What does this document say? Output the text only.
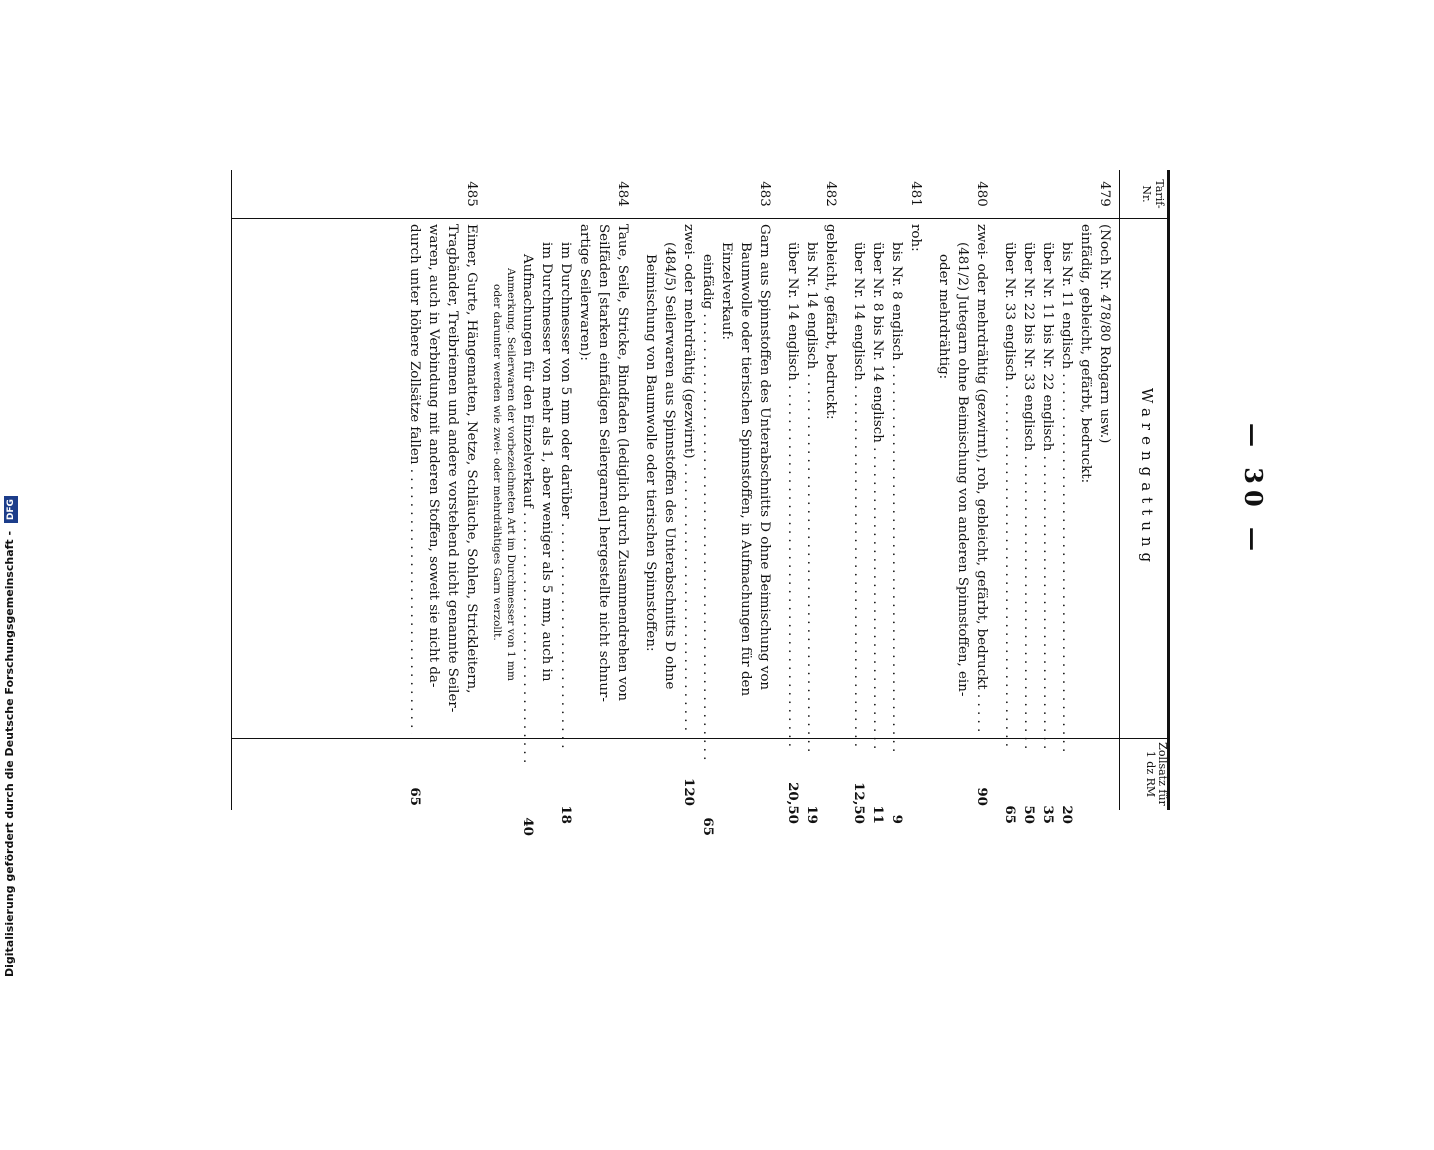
— 30 —
Tarif-Nr.
Warengattung
Zollsatz für 1 dz RM
479
(Noch Nr. 478/80 Rohgarn usw.)
einfädig, gebleicht, gefärbt, bedruckt:
bis Nr. 11 englisch . . .
20
über Nr. 11 bis Nr. 22 englisch . . .
35
über Nr. 22 bis Nr. 33 englisch . . .
50
über Nr. 33 englisch . . .
65
480
zwei- oder mehrdrähtig (gezwirnt), roh, gebleicht, gefärbt, bedruckt . . .
90
(481/2) Jutegarn ohne Beimischung von anderen Spinnstoffen, ein-
oder mehrdrähtig:
481
roh:
bis Nr. 8 englisch . . .
9
über Nr. 8 bis Nr. 14 englisch . . .
11
über Nr. 14 englisch . . .
12,50
482
gebleicht, gefärbt, bedruckt:
bis Nr. 14 englisch . . .
19
über Nr. 14 englisch . . .
20,50
483
Garn aus Spinnstoffen des Unterabschnitts D ohne Beimischung von
Baumwolle oder tierischen Spinnstoffen, in Aufmachungen für den
Einzelverkauf:
einfädig . . .
65
zwei- oder mehrdrähtig (gezwirnt) . . .
120
(484/5) Seilerwaren aus Spinnstoffen des Unterabschnitts D ohne
Beimischung von Baumwolle oder tierischen Spinnstoffen:
484
Taue, Seile, Stricke, Bindfaden (lediglich durch Zusammendrehen von
Seilfäden [starken einfädigen Seilergarnen] hergestellte nicht schnur-
artige Seilerwaren):
im Durchmesser von 5 mm oder darüber . . .
18
im Durchmesser von mehr als 1, aber weniger als 5 mm, auch in
Aufmachungen für den Einzelverkauf . . .
40
Anmerkung. Seilerwaren der vorbezeichneten Art im Durchmesser von 1 mm
oder darunter werden wie zwei- oder mehrdrähtiges Garn verzollt.
485
Eimer, Gurte, Hängematten, Netze, Schläuche, Sohlen, Strickleitern,
Tragbänder, Treibriemen und andere vorstehend nicht genannte Seiler-
waren, auch in Verbindung mit anderen Stoffen, soweit sie nicht da-
durch unter höhere Zollsätze fallen . . .
65
Digitalisierung gefördert durch die Deutsche Forschungsgemeinschaft - DFG
